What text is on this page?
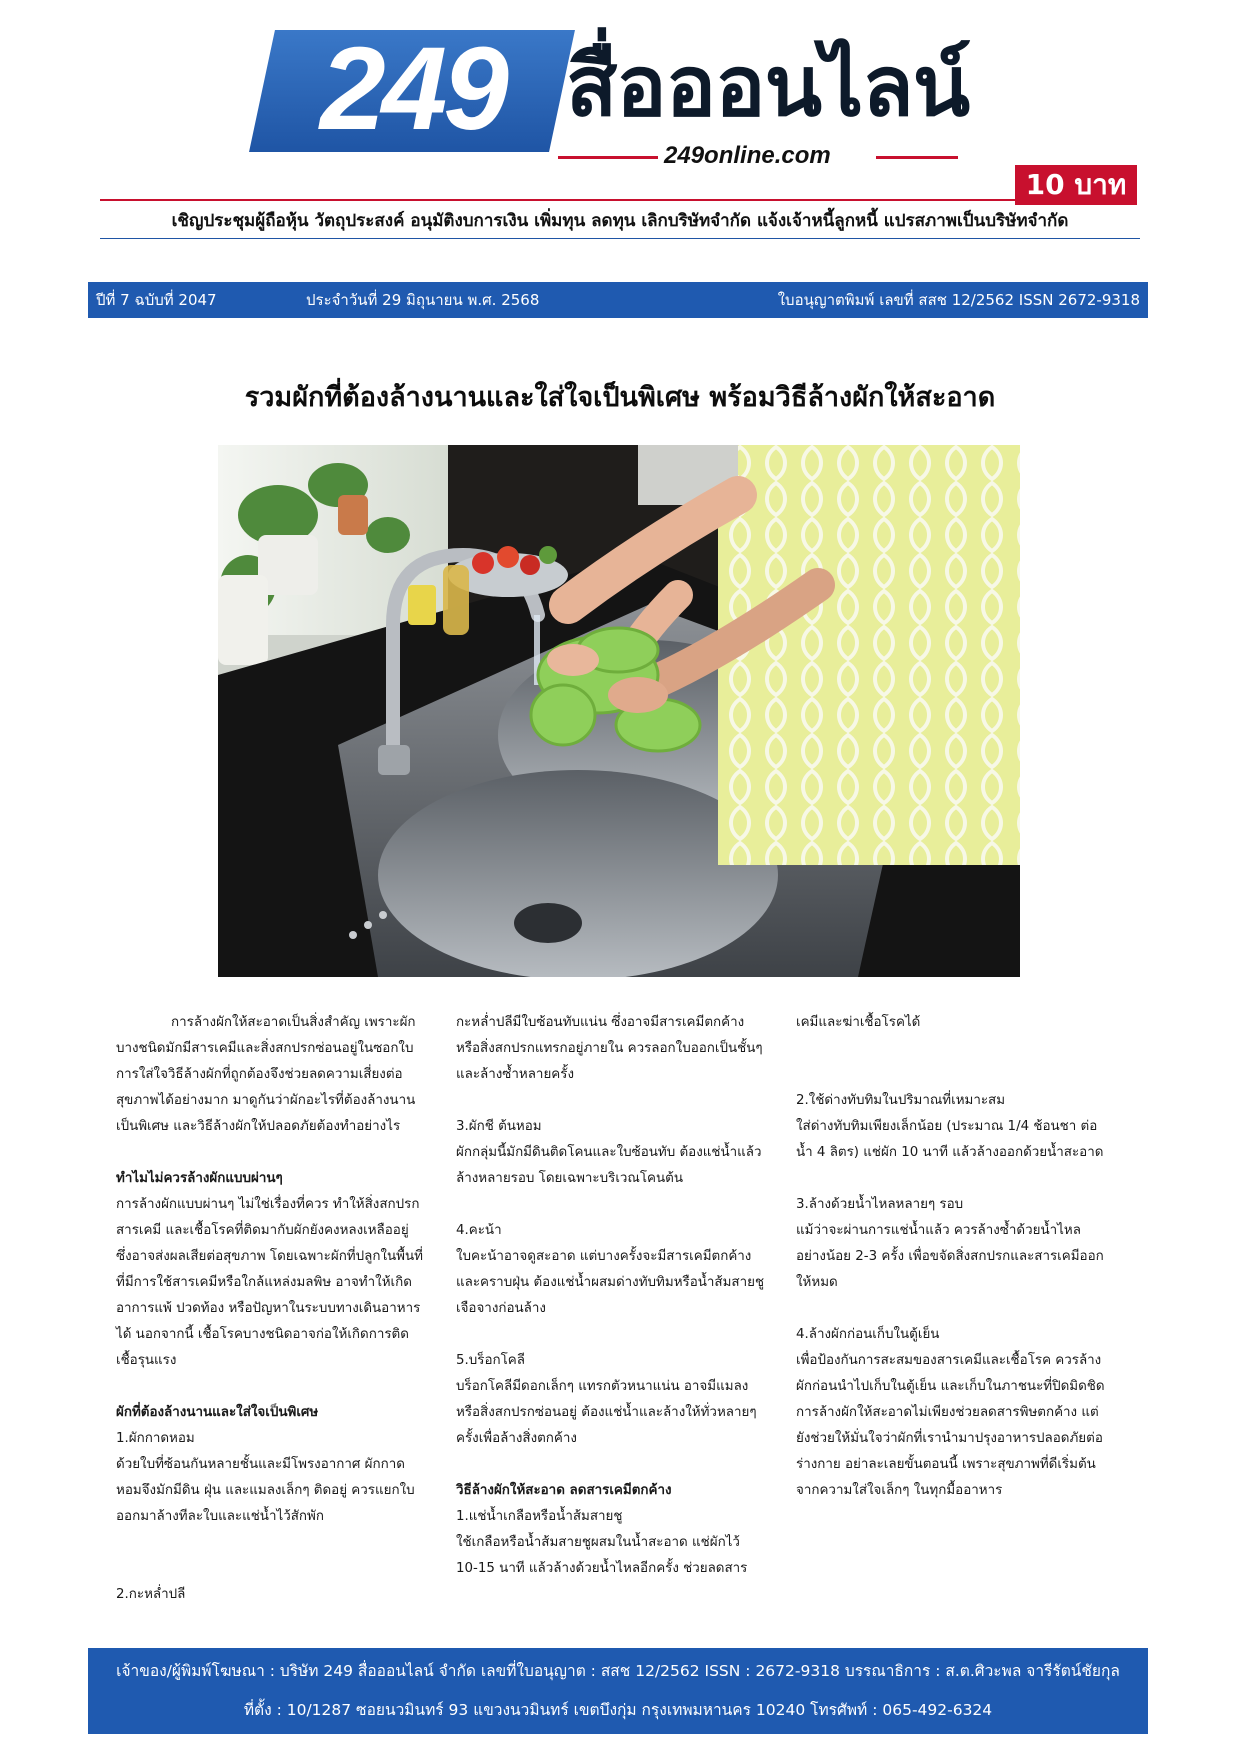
249 สื่อออนไลน์
249online.com
10 บาท
เชิญประชุมผู้ถือหุ้น วัตถุประสงค์ อนุมัติงบการเงิน เพิ่มทุน ลดทุน เลิกบริษัทจำกัด แจ้งเจ้าหนี้ลูกหนี้ แปรสภาพเป็นบริษัทจำกัด
ปีที่ 7 ฉบับที่ 2047	ประจำวันที่ 29 มิถุนายน พ.ศ. 2568	ใบอนุญาตพิมพ์ เลขที่ สสช 12/2562 ISSN 2672-9318
รวมผักที่ต้องล้างนานและใส่ใจเป็นพิเศษ พร้อมวิธีล้างผักให้สะอาด

การล้างผักให้สะอาดเป็นสิ่งสำคัญ เพราะผักบางชนิดมักมีสารเคมีและสิ่งสกปรกซ่อนอยู่ในซอกใบ การใส่ใจวิธีล้างผักที่ถูกต้องจึงช่วยลดความเสี่ยงต่อสุขภาพได้อย่างมาก มาดูกันว่าผักอะไรที่ต้องล้างนานเป็นพิเศษ และวิธีล้างผักให้ปลอดภัยต้องทำอย่างไร

ทำไมไม่ควรล้างผักแบบผ่านๆ

การล้างผักแบบผ่านๆ ไม่ใช่เรื่องที่ควร ทำให้สิ่งสกปรก สารเคมี และเชื้อโรคที่ติดมากับผักยังคงหลงเหลืออยู่ ซึ่งอาจส่งผลเสียต่อสุขภาพ โดยเฉพาะผักที่ปลูกในพื้นที่ที่มีการใช้สารเคมีหรือใกล้แหล่งมลพิษ อาจทำให้เกิดอาการแพ้ ปวดท้อง หรือปัญหาในระบบทางเดินอาหารได้ นอกจากนี้ เชื้อโรคบางชนิดอาจก่อให้เกิดการติดเชื้อรุนแรง

ผักที่ต้องล้างนานและใส่ใจเป็นพิเศษ

1.ผักกาดหอม

ด้วยใบที่ซ้อนกันหลายชั้นและมีโพรงอากาศ ผักกาดหอมจึงมักมีดิน ฝุ่น และแมลงเล็กๆ ติดอยู่ ควรแยกใบออกมาล้างทีละใบและแช่น้ำไว้สักพัก

2.กะหล่ำปลี

กะหล่ำปลีมีใบซ้อนทับแน่น ซึ่งอาจมีสารเคมีตกค้างหรือสิ่งสกปรกแทรกอยู่ภายใน ควรลอกใบออกเป็นชั้นๆ และล้างซ้ำหลายครั้ง

3.ผักชี ต้นหอม

ผักกลุ่มนี้มักมีดินติดโคนและใบซ้อนทับ ต้องแช่น้ำแล้วล้างหลายรอบ โดยเฉพาะบริเวณโคนต้น

4.คะน้า

ใบคะน้าอาจดูสะอาด แต่บางครั้งจะมีสารเคมีตกค้างและคราบฝุ่น ต้องแช่น้ำผสมด่างทับทิมหรือน้ำส้มสายชูเจือจางก่อนล้าง

5.บร็อกโคลี

บร็อกโคลีมีดอกเล็กๆ แทรกตัวหนาแน่น อาจมีแมลงหรือสิ่งสกปรกซ่อนอยู่ ต้องแช่น้ำและล้างให้ทั่วหลายๆ ครั้งเพื่อล้างสิ่งตกค้าง

วิธีล้างผักให้สะอาด ลดสารเคมีตกค้าง

1.แช่น้ำเกลือหรือน้ำส้มสายชู

ใช้เกลือหรือน้ำส้มสายชูผสมในน้ำสะอาด แช่ผักไว้ 10-15 นาที แล้วล้างด้วยน้ำไหลอีกครั้ง ช่วยลดสาร

เคมีและฆ่าเชื้อโรคได้

2.ใช้ด่างทับทิมในปริมาณที่เหมาะสม

ใส่ด่างทับทิมเพียงเล็กน้อย (ประมาณ 1/4 ช้อนชา ต่อน้ำ 4 ลิตร) แช่ผัก 10 นาที แล้วล้างออกด้วยน้ำสะอาด

3.ล้างด้วยน้ำไหลหลายๆ รอบ

แม้ว่าจะผ่านการแช่น้ำแล้ว ควรล้างซ้ำด้วยน้ำไหลอย่างน้อย 2-3 ครั้ง เพื่อขจัดสิ่งสกปรกและสารเคมีออกให้หมด

4.ล้างผักก่อนเก็บในตู้เย็น

เพื่อป้องกันการสะสมของสารเคมีและเชื้อโรค ควรล้างผักก่อนนำไปเก็บในตู้เย็น และเก็บในภาชนะที่ปิดมิดชิด การล้างผักให้สะอาดไม่เพียงช่วยลดสารพิษตกค้าง แต่ยังช่วยให้มั่นใจว่าผักที่เรานำมาปรุงอาหารปลอดภัยต่อร่างกาย อย่าละเลยขั้นตอนนี้ เพราะสุขภาพที่ดีเริ่มต้นจากความใส่ใจเล็กๆ ในทุกมื้ออาหาร

เจ้าของ/ผู้พิมพ์โฆษณา : บริษัท 249 สื่อออนไลน์ จำกัด เลขที่ใบอนุญาต : สสช 12/2562 ISSN : 2672-9318 บรรณาธิการ : ส.ต.ศิวะพล จารีรัตน์ชัยกุล
ที่ตั้ง : 10/1287 ซอยนวมินทร์ 93 แขวงนวมินทร์ เขตบึงกุ่ม กรุงเทพมหานคร 10240 โทรศัพท์ : 065-492-6324
